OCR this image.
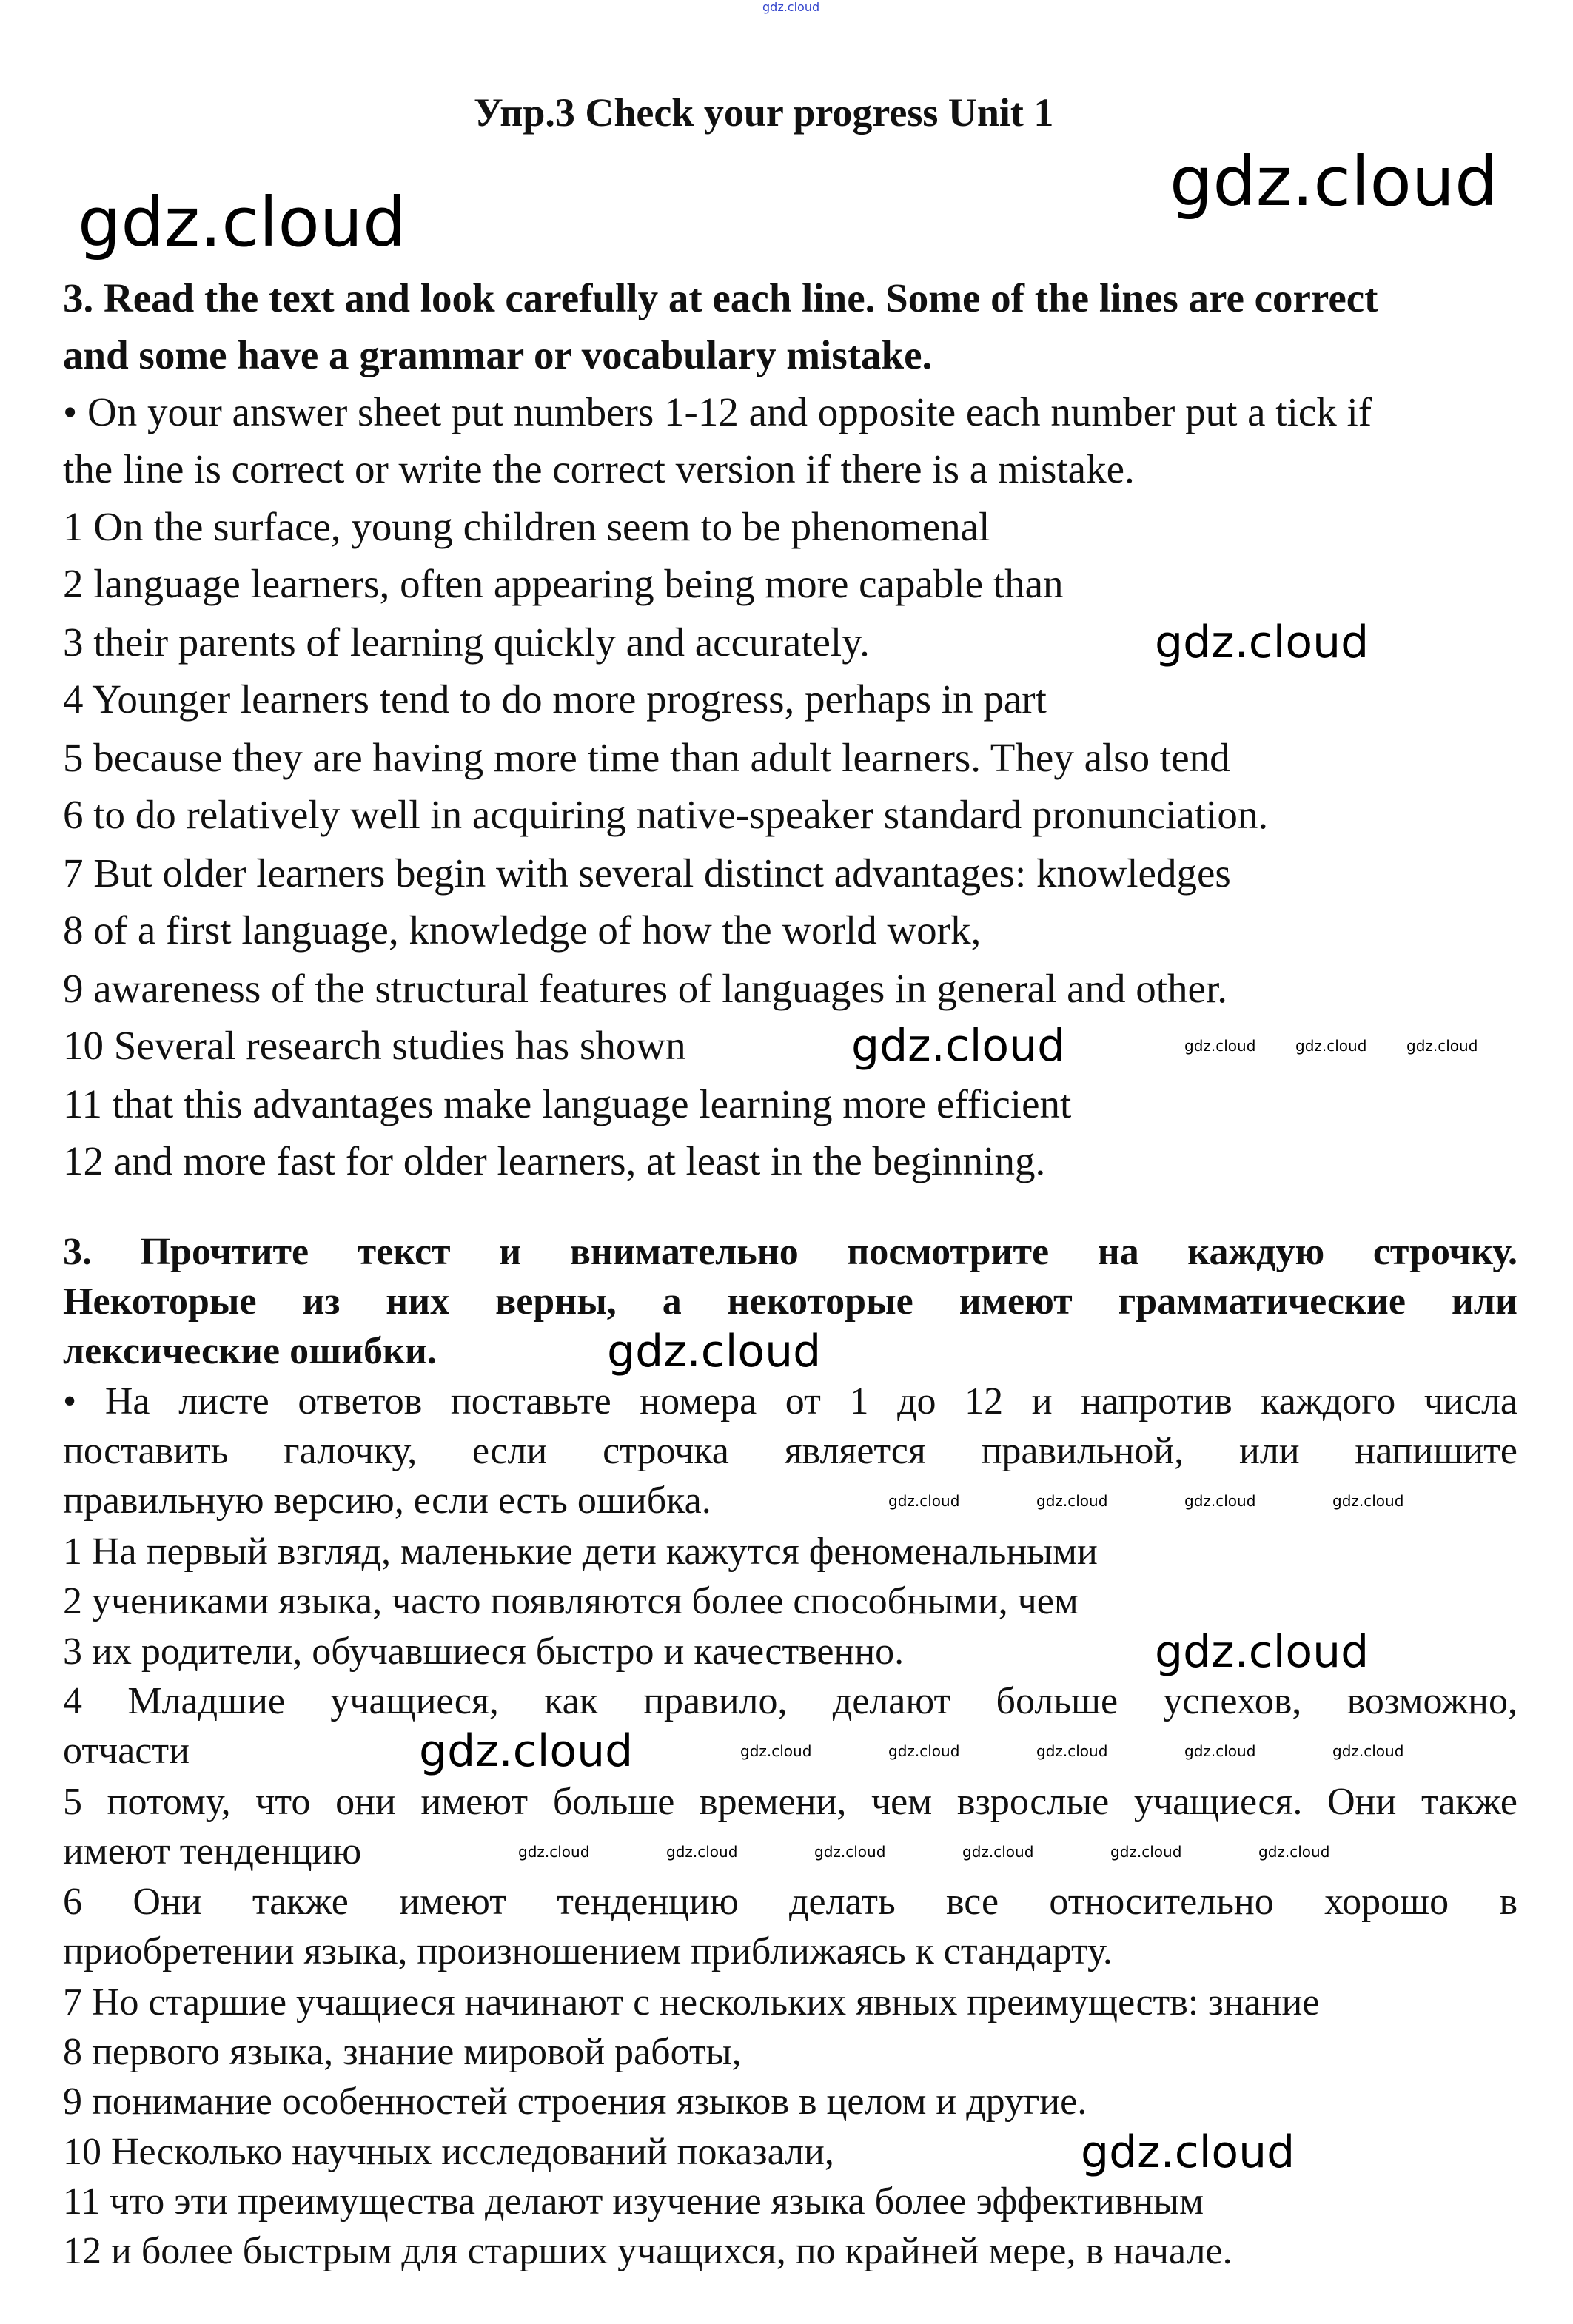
gdz.cloud
Упр.3 Check your progress Unit 1
3. Read the text and look carefully at each line. Some of the lines are correct
and some have a grammar or vocabulary mistake.
• On your answer sheet put numbers 1-12 and opposite each number put a tick if
the line is correct or write the correct version if there is a mistake.
1 On the surface, young children seem to be phenomenal
2 language learners, often appearing being more capable than
3 their parents of learning quickly and accurately.
4 Younger learners tend to do more progress, perhaps in part
5 because they are having more time than adult learners. They also tend
6 to do relatively well in acquiring native-speaker standard pronunciation.
7 But older learners begin with several distinct advantages: knowledges
8 of a first language, knowledge of how the world work,
9 awareness of the structural features of languages in general and other.
10 Several research studies has shown
11 that this advantages make language learning more efficient
12 and more fast for older learners, at least in the beginning.
3. Прочтите текст и внимательно посмотрите на каждую строчку.
Некоторые из них верны, а некоторые имеют грамматические или
лексические ошибки.
• На листе ответов поставьте номера от 1 до 12 и напротив каждого числа
поставить галочку, если строчка является правильной, или напишите
правильную версию, если есть ошибка.
1 На первый взгляд, маленькие дети кажутся феноменальными
2 учениками языка, часто появляются более способными, чем
3 их родители, обучавшиеся быстро и качественно.
4 Младшие учащиеся, как правило, делают больше успехов, возможно,
отчасти
5 потому, что они имеют больше времени, чем взрослые учащиеся. Они также
имеют тенденцию
6 Они также имеют тенденцию делать все относительно хорошо в
приобретении языка, произношением приближаясь к стандарту.
7 Но старшие учащиеся начинают с нескольких явных преимуществ: знание
8 первого языка, знание мировой работы,
9 понимание особенностей строения языков в целом и другие.
10 Несколько научных исследований показали,
11 что эти преимущества делают изучение языка более эффективным
12 и более быстрым для старших учащихся, по крайней мере, в начале.
gdz.cloud
gdz.cloud
gdz.cloud
gdz.cloud
gdz.cloud
gdz.cloud
gdz.cloud
gdz.cloud
gdz.cloud	gdz.cloud	gdz.cloud
gdz.cloud	gdz.cloud	gdz.cloud	gdz.cloud
gdz.cloud	gdz.cloud	gdz.cloud	gdz.cloud	gdz.cloud
gdz.cloud	gdz.cloud	gdz.cloud	gdz.cloud	gdz.cloud	gdz.cloud
